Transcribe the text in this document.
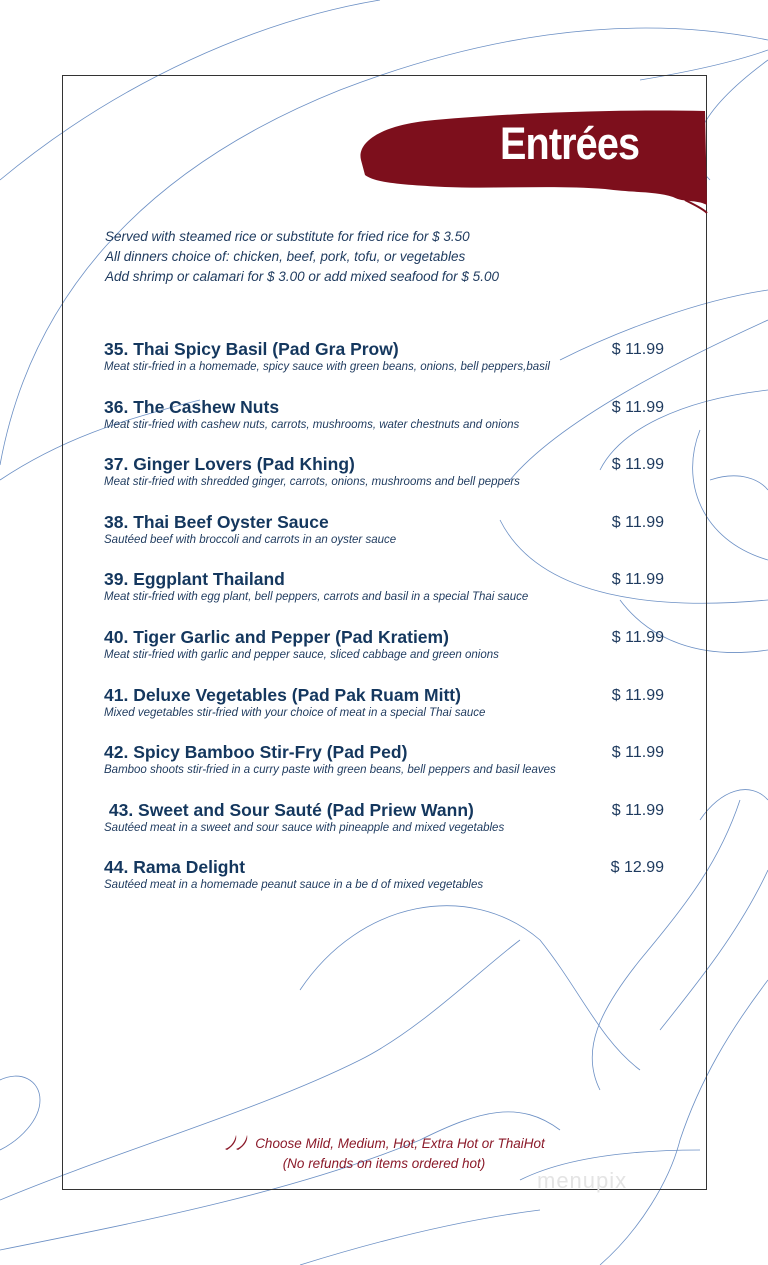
Entrées
Served with steamed rice or substitute for fried rice for $ 3.50
All dinners choice of: chicken, beef, pork, tofu, or vegetables
Add shrimp or calamari for $ 3.00 or add mixed seafood for $ 5.00
35. Thai Spicy Basil (Pad Gra Prow)
Meat stir-fried in a homemade, spicy sauce with green beans, onions, bell peppers,basil
$ 11.99
36. The Cashew Nuts
Meat stir-fried with cashew nuts, carrots, mushrooms, water chestnuts and onions
$ 11.99
37. Ginger Lovers (Pad Khing)
Meat stir-fried with shredded ginger, carrots, onions, mushrooms and bell peppers
$ 11.99
38. Thai Beef Oyster Sauce
Sautéed beef with broccoli and carrots in an oyster sauce
$ 11.99
39. Eggplant Thailand
Meat stir-fried with egg plant, bell peppers, carrots and basil in a special Thai sauce
$ 11.99
40. Tiger Garlic and Pepper (Pad Kratiem)
Meat stir-fried with garlic and pepper sauce, sliced cabbage and green onions
$ 11.99
41. Deluxe Vegetables (Pad Pak Ruam Mitt)
Mixed vegetables stir-fried with your choice of meat in a special Thai sauce
$ 11.99
42. Spicy Bamboo Stir-Fry (Pad Ped)
Bamboo shoots stir-fried in a curry paste with green beans, bell peppers and basil leaves
$ 11.99
43. Sweet and Sour Sauté (Pad Priew Wann)
Sautéed meat in a sweet and sour sauce with pineapple and mixed vegetables
$ 11.99
44. Rama Delight
Sautéed meat in a homemade peanut sauce in a be d of mixed vegetables
$ 12.99
Choose Mild, Medium, Hot, Extra Hot or ThaiHot
(No refunds on items ordered hot)
menupix
